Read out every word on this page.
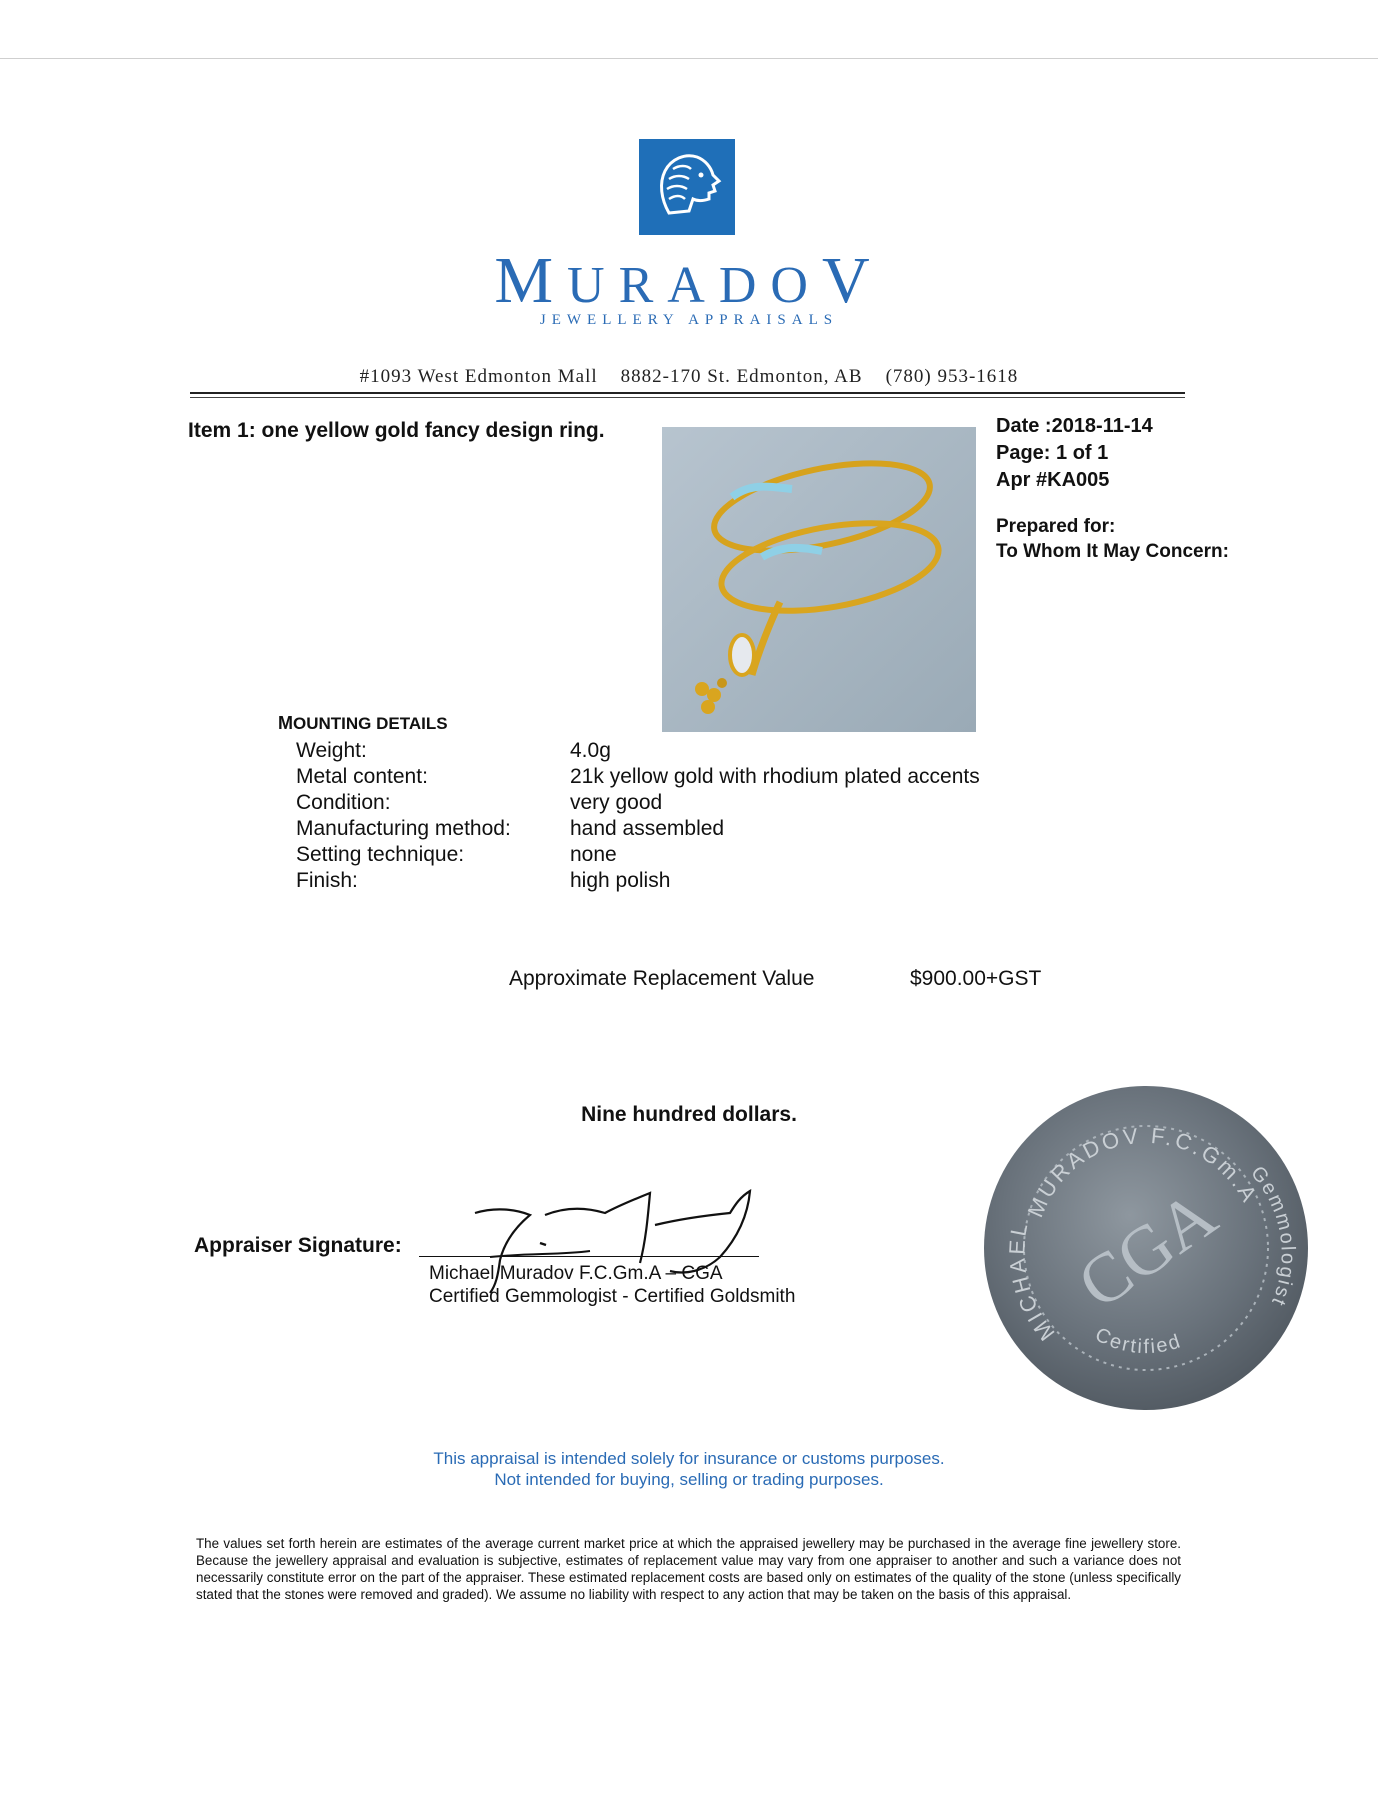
MURADOV
JEWELLERY APPRAISALS
#1093 West Edmonton Mall    8882-170 St. Edmonton, AB    (780) 953-1618
Item 1: one yellow gold fancy design ring.	Date :2018-11-14
Page: 1 of 1
Apr #KA005
Prepared for:
To Whom It May Concern:
MOUNTING DETAILS
Weight:	4.0g
Metal content:	21k yellow gold with rhodium plated accents
Condition:	very good
Manufacturing method:	hand assembled
Setting technique:	none
Finish:	high polish
Approximate Replacement Value	$900.00+GST
Nine hundred dollars.
Appraiser Signature:
Michael Muradov F.C.Gm.A – CGA
Certified Gemmologist - Certified Goldsmith
MURADOV F.C.Gm.A
MICHAEL
Gemmologist
Certified
CGA
This appraisal is intended solely for insurance or customs purposes.
Not intended for buying, selling or trading purposes.
The values set forth herein are estimates of the average current market price at which the appraised jewellery may be purchased in the average fine jewellery store. Because the jewellery appraisal and evaluation is subjective, estimates of replacement value may vary from one appraiser to another and such a variance does not necessarily constitute error on the part of the appraiser. These estimated replacement costs are based only on estimates of the quality of the stone (unless specifically stated that the stones were removed and graded). We assume no liability with respect to any action that may be taken on the basis of this appraisal.
